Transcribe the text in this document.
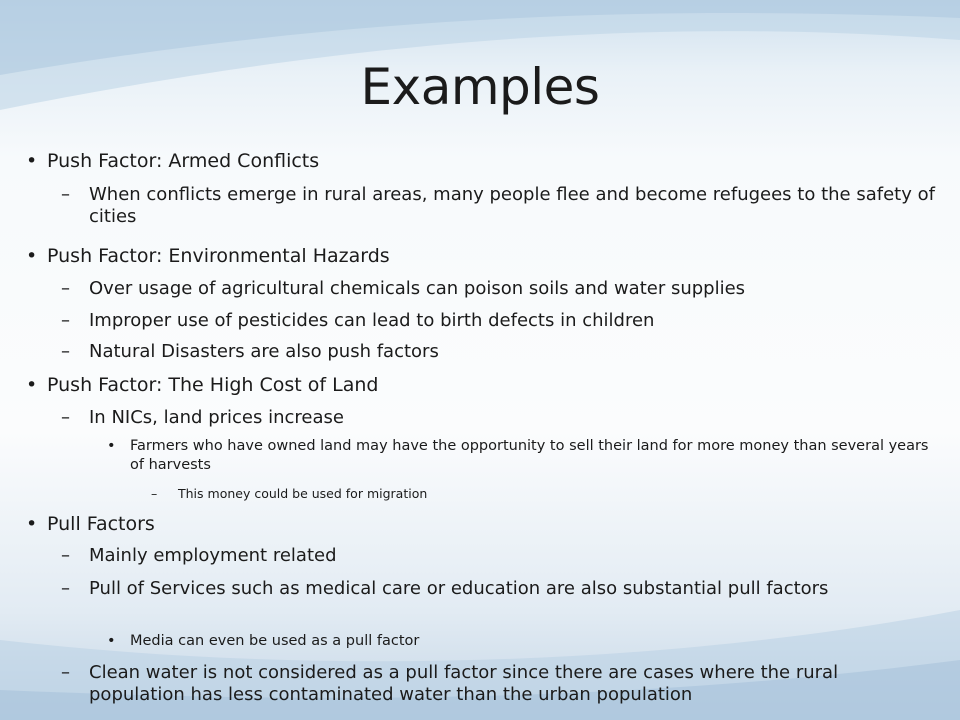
Examples
• Push Factor: Armed Conflicts
– When conflicts emerge in rural areas, many people flee and become refugees to the safety of cities
• Push Factor: Environmental Hazards
– Over usage of agricultural chemicals can poison soils and water supplies
– Improper use of pesticides can lead to birth defects in children
– Natural Disasters are also push factors
• Push Factor: The High Cost of Land
– In NICs, land prices increase
• Farmers who have owned land may have the opportunity to sell their land for more money than several years of harvests
– This money could be used for migration
• Pull Factors
– Mainly employment related
– Pull of Services such as medical care or education are also substantial pull factors
• Media can even be used as a pull factor
– Clean water is not considered as a pull factor since there are cases where the rural population has less contaminated water than the urban population
